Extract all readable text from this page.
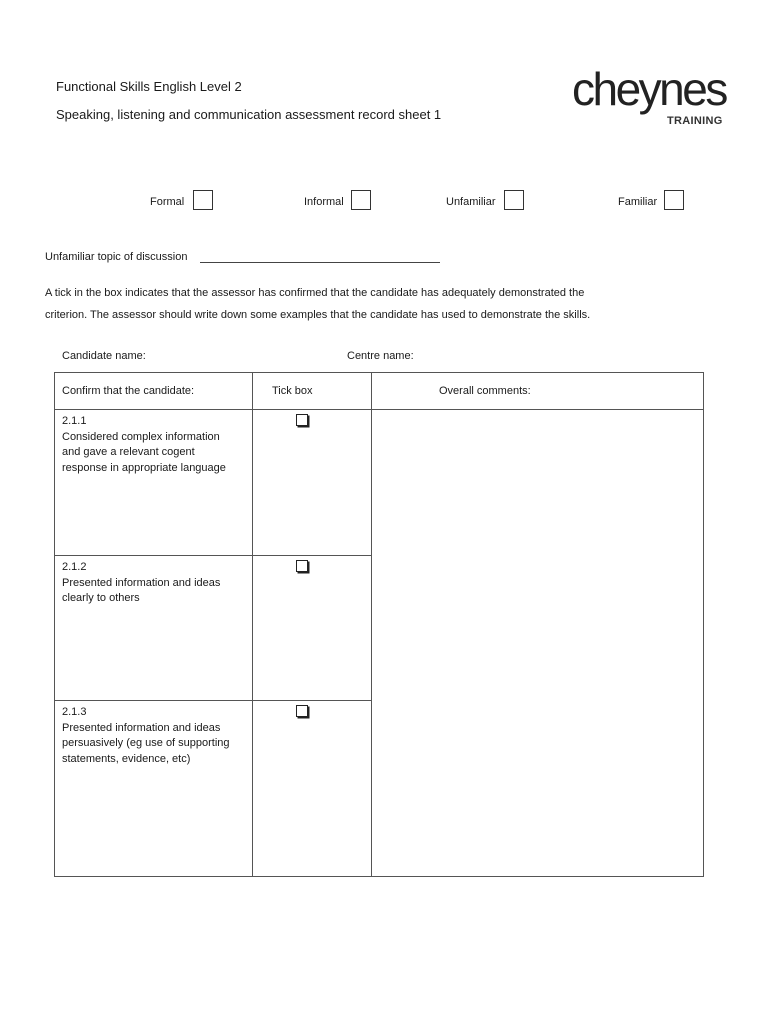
Functional Skills English Level 2
Speaking, listening and communication assessment record sheet 1	cheynes
TRAINING
Formal	Informal	Unfamiliar	Familiar
Unfamiliar topic of discussion
A tick in the box indicates that the assessor has confirmed that the candidate has adequately demonstrated the
criterion. The assessor should write down some examples that the candidate has used to demonstrate the skills.
Candidate name:	Centre name:
Confirm that the candidate:	Tick box	Overall comments:

2.1.1
Considered complex information
and gave a relevant cogent
response in appropriate language		

2.1.2
Presented information and ideas
clearly to others		

2.1.3
Presented information and ideas
persuasively (eg use of supporting
statements, evidence, etc)		
